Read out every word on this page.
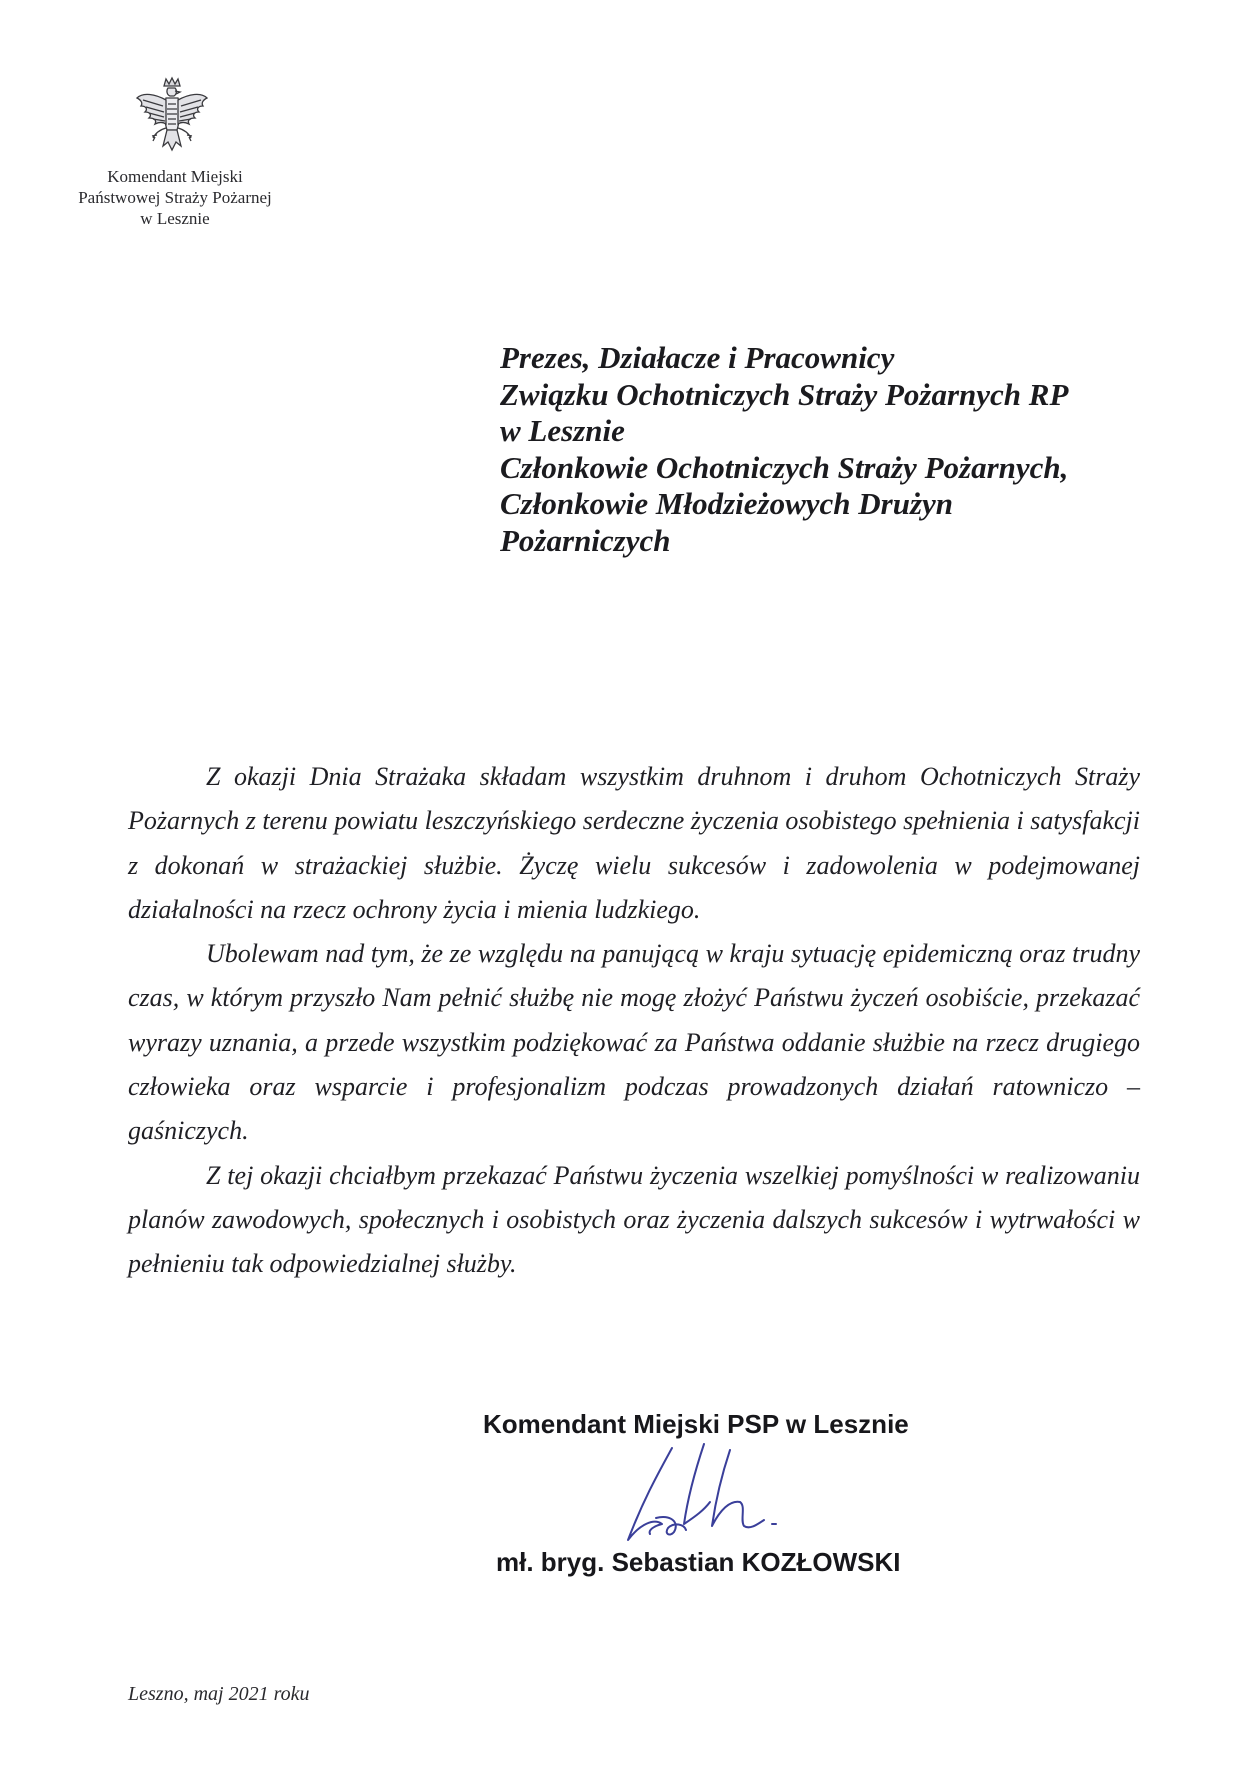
Komendant Miejski
Państwowej Straży Pożarnej
w Lesznie
Prezes, Działacze i Pracownicy
Związku Ochotniczych Straży Pożarnych RP
w Lesznie
Członkowie Ochotniczych Straży Pożarnych,
Członkowie Młodzieżowych Drużyn
Pożarniczych

Z okazji Dnia Strażaka składam wszystkim druhnom i druhom Ochotniczych Straży Pożarnych z terenu powiatu leszczyńskiego serdeczne życzenia osobistego spełnienia i satysfakcji z dokonań w strażackiej służbie. Życzę wielu sukcesów i zadowolenia w podejmowanej działalności na rzecz ochrony życia i mienia ludzkiego.

Ubolewam nad tym, że ze względu na panującą w kraju sytuację epidemiczną oraz trudny czas, w którym przyszło Nam pełnić służbę nie mogę złożyć Państwu życzeń osobiście, przekazać wyrazy uznania, a przede wszystkim podziękować za Państwa oddanie służbie na rzecz drugiego człowieka oraz wsparcie i profesjonalizm podczas prowadzonych działań ratowniczo – gaśniczych.

Z tej okazji chciałbym przekazać Państwu życzenia wszelkiej pomyślności w realizowaniu planów zawodowych, społecznych i osobistych oraz życzenia dalszych sukcesów i wytrwałości w pełnieniu tak odpowiedzialnej służby.

Komendant Miejski PSP w Lesznie
mł. bryg. Sebastian KOZŁOWSKI
Leszno, maj 2021 roku
